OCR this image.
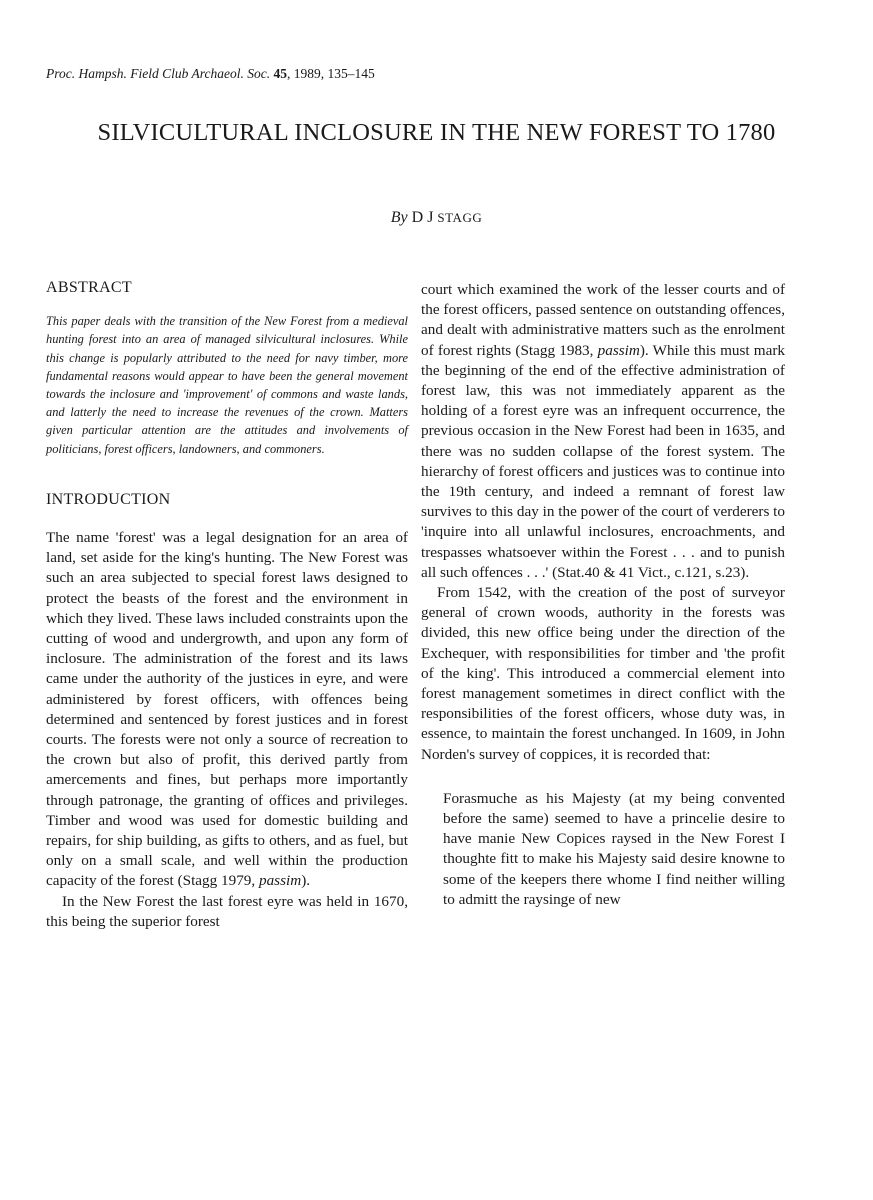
Proc. Hampsh. Field Club Archaeol. Soc. 45, 1989, 135–145
SILVICULTURAL INCLOSURE IN THE NEW FOREST TO 1780
By D J STAGG
ABSTRACT

This paper deals with the transition of the New Forest from a medieval hunting forest into an area of managed silvicultural inclosures. While this change is popularly attributed to the need for navy timber, more fundamental reasons would appear to have been the general movement towards the inclosure and 'improvement' of commons and waste lands, and latterly the need to increase the revenues of the crown. Matters given particular attention are the attitudes and involvements of politicians, forest officers, landowners, and commoners.

INTRODUCTION

The name 'forest' was a legal designation for an area of land, set aside for the king's hunting. The New Forest was such an area subjected to special forest laws designed to protect the beasts of the forest and the environment in which they lived. These laws included constraints upon the cutting of wood and undergrowth, and upon any form of inclosure. The administration of the forest and its laws came under the authority of the justices in eyre, and were administered by forest officers, with offences being determined and sentenced by forest justices and in forest courts. The forests were not only a source of recreation to the crown but also of profit, this derived partly from amercements and fines, but perhaps more importantly through patronage, the granting of offices and privileges. Timber and wood was used for domestic building and repairs, for ship building, as gifts to others, and as fuel, but only on a small scale, and well within the production capacity of the forest (Stagg 1979, passim).

In the New Forest the last forest eyre was held in 1670, this being the superior forest

court which examined the work of the lesser courts and of the forest officers, passed sentence on outstanding offences, and dealt with administrative matters such as the enrolment of forest rights (Stagg 1983, passim). While this must mark the beginning of the end of the effective administration of forest law, this was not immediately apparent as the holding of a forest eyre was an infrequent occurrence, the previous occasion in the New Forest had been in 1635, and there was no sudden collapse of the forest system. The hierarchy of forest officers and justices was to continue into the 19th century, and indeed a remnant of forest law survives to this day in the power of the court of verderers to 'inquire into all unlawful inclosures, encroachments, and trespasses whatsoever within the Forest . . . and to punish all such offences . . .' (Stat.40 & 41 Vict., c.121, s.23).

From 1542, with the creation of the post of surveyor general of crown woods, authority in the forests was divided, this new office being under the direction of the Exchequer, with responsibilities for timber and 'the profit of the king'. This introduced a commercial element into forest management sometimes in direct conflict with the responsibilities of the forest officers, whose duty was, in essence, to maintain the forest unchanged. In 1609, in John Norden's survey of coppices, it is recorded that:

Forasmuche as his Majesty (at my being convented before the same) seemed to have a princelie desire to have manie New Copices raysed in the New Forest I thoughte fitt to make his Majesty said desire knowne to some of the keepers there whome I find neither willing to admitt the raysinge of new
